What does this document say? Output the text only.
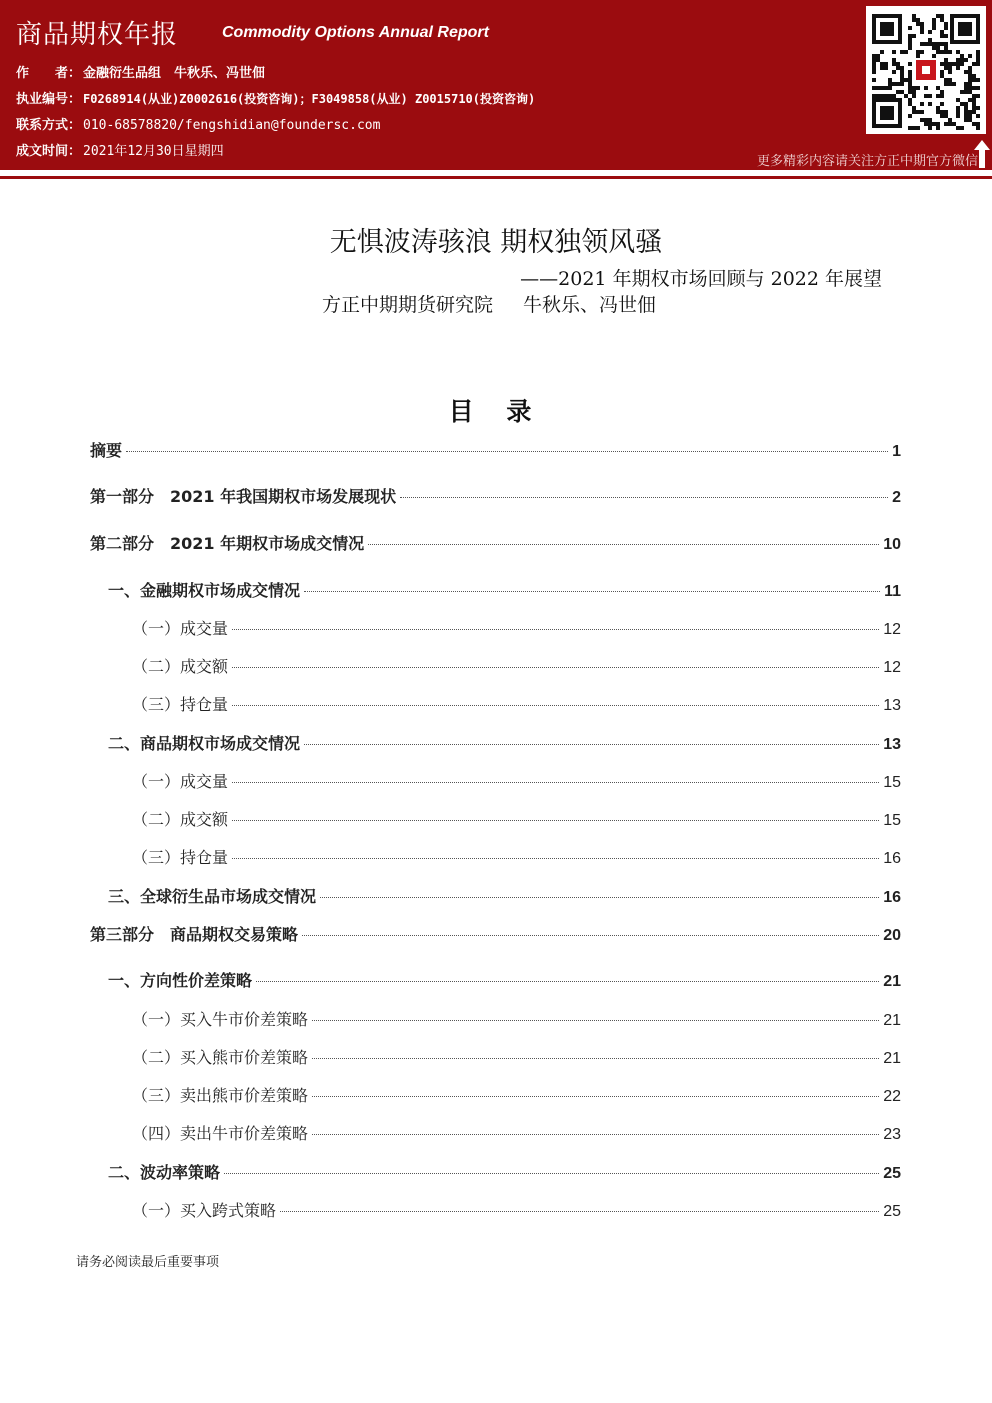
商品期权年报	Commodity Options Annual Report
作　　者： 金融衍生品组　牛秋乐、冯世佃
执业编号： F0268914(从业)Z0002616(投资咨询)；F3049858(从业) Z0015710(投资咨询)
联系方式： 010-68578820/fengshidian@foundersc.com
成文时间： 2021年12月30日星期四
更多精彩内容请关注方正中期官方微信
无惧波涛骇浪 期权独领风骚
——2021 年期权市场回顾与 2022 年展望
方正中期期货研究院 牛秋乐、冯世佃
目 录
摘要	1
第一部分　2021 年我国期权市场发展现状	2
第二部分　2021 年期权市场成交情况	10
一、金融期权市场成交情况	11
（一）成交量	12
（二）成交额	12
（三）持仓量	13
二、商品期权市场成交情况	13
（一）成交量	15
（二）成交额	15
（三）持仓量	16
三、全球衍生品市场成交情况	16
第三部分　商品期权交易策略	20
一、方向性价差策略	21
（一）买入牛市价差策略	21
（二）买入熊市价差策略	21
（三）卖出熊市价差策略	22
（四）卖出牛市价差策略	23
二、波动率策略	25
（一）买入跨式策略	25
请务必阅读最后重要事项
